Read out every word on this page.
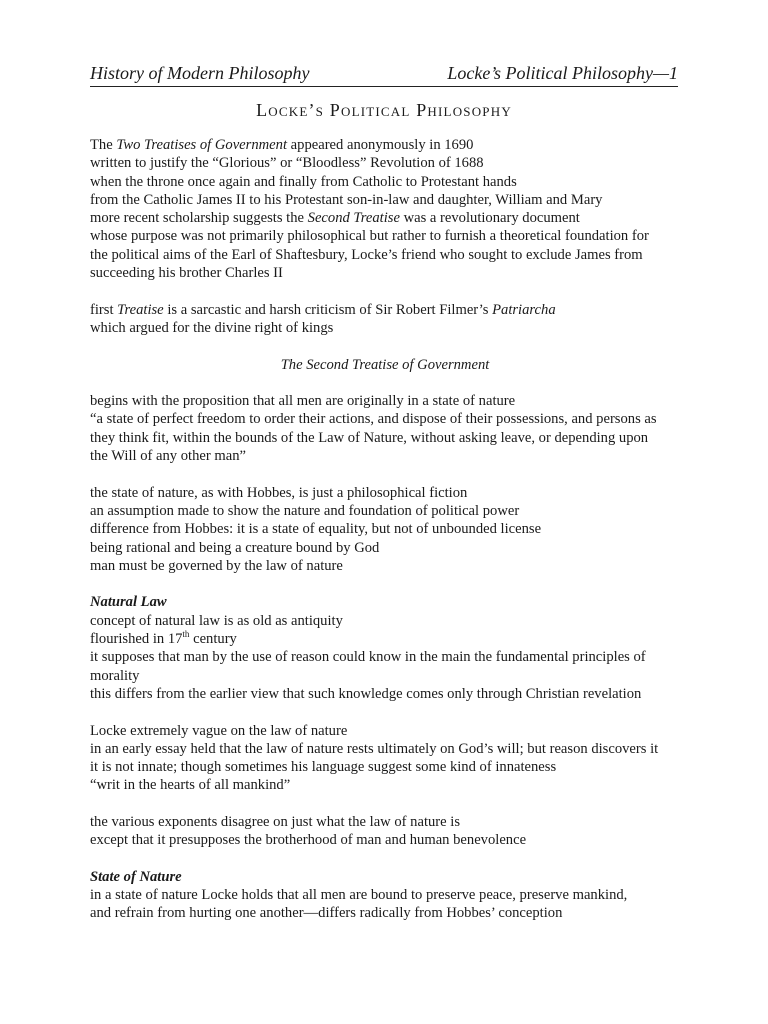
History of Modern Philosophy	Locke’s Political Philosophy—1
Locke’s Political Philosophy
The Two Treatises of Government appeared anonymously in 1690
written to justify the “Glorious” or “Bloodless” Revolution of 1688
when the throne once again and finally from Catholic to Protestant hands
from the Catholic James II to his Protestant son-in-law and daughter, William and Mary
more recent scholarship suggests the Second Treatise was a revolutionary document
whose purpose was not primarily philosophical but rather to furnish a theoretical foundation for
the political aims of the Earl of Shaftesbury, Locke’s friend who sought to exclude James from
succeeding his brother Charles II
first Treatise is a sarcastic and harsh criticism of Sir Robert Filmer’s Patriarcha
which argued for the divine right of kings
The Second Treatise of Government
begins with the proposition that all men are originally in a state of nature
“a state of perfect freedom to order their actions, and dispose of their possessions, and persons as
they think fit, within the bounds of the Law of Nature, without asking leave, or depending upon
the Will of any other man”
the state of nature, as with Hobbes, is just a philosophical fiction
an assumption made to show the nature and foundation of political power
difference from Hobbes: it is a state of equality, but not of unbounded license
being rational and being a creature bound by God
man must be governed by the law of nature
Natural Law
concept of natural law is as old as antiquity
flourished in 17th century
it supposes that man by the use of reason could know in the main the fundamental principles of
morality
this differs from the earlier view that such knowledge comes only through Christian revelation
Locke extremely vague on the law of nature
in an early essay held that the law of nature rests ultimately on God’s will; but reason discovers it
it is not innate; though sometimes his language suggest some kind of innateness
“writ in the hearts of all mankind”
the various exponents disagree on just what the law of nature is
except that it presupposes the brotherhood of man and human benevolence
State of Nature
in a state of nature Locke holds that all men are bound to preserve peace, preserve mankind,
and refrain from hurting one another—differs radically from Hobbes’ conception
